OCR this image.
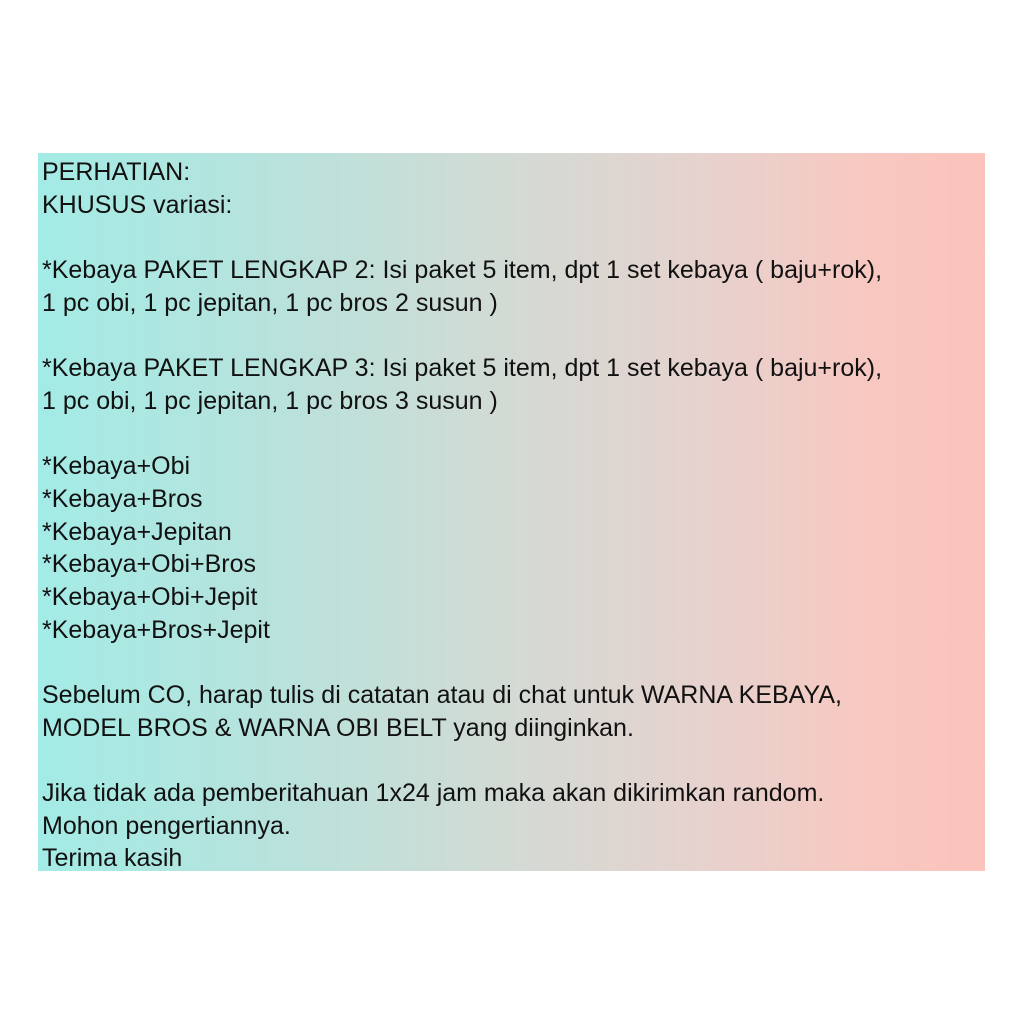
PERHATIAN:
KHUSUS variasi:
*Kebaya PAKET LENGKAP 2: Isi paket 5 item, dpt 1 set kebaya ( baju+rok),
1 pc obi, 1 pc jepitan, 1 pc bros 2 susun )
*Kebaya PAKET LENGKAP 3: Isi paket 5 item, dpt 1 set kebaya ( baju+rok),
1 pc obi, 1 pc jepitan, 1 pc bros 3 susun )
*Kebaya+Obi
*Kebaya+Bros
*Kebaya+Jepitan
*Kebaya+Obi+Bros
*Kebaya+Obi+Jepit
*Kebaya+Bros+Jepit
Sebelum CO, harap tulis di catatan atau di chat untuk WARNA KEBAYA,
MODEL BROS & WARNA OBI BELT yang diinginkan.
Jika tidak ada pemberitahuan 1x24 jam maka akan dikirimkan random.
Mohon pengertiannya.
Terima kasih
